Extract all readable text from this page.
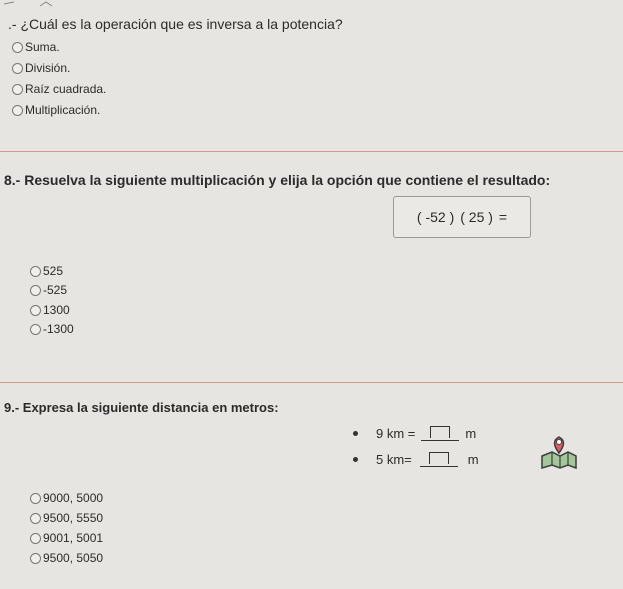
.- ¿Cuál es la operación que es inversa a la potencia?
Suma.
División.
Raíz cuadrada.
Multiplicación.
8.- Resuelva la siguiente multiplicación y elija la opción que contiene el resultado:
( -52 ) ( 25 ) =
525
-525
1300
-1300
9.- Expresa la siguiente distancia en metros:
9 km =	m
5 km=	m
9000, 5000
9500, 5550
9001, 5001
9500, 5050
